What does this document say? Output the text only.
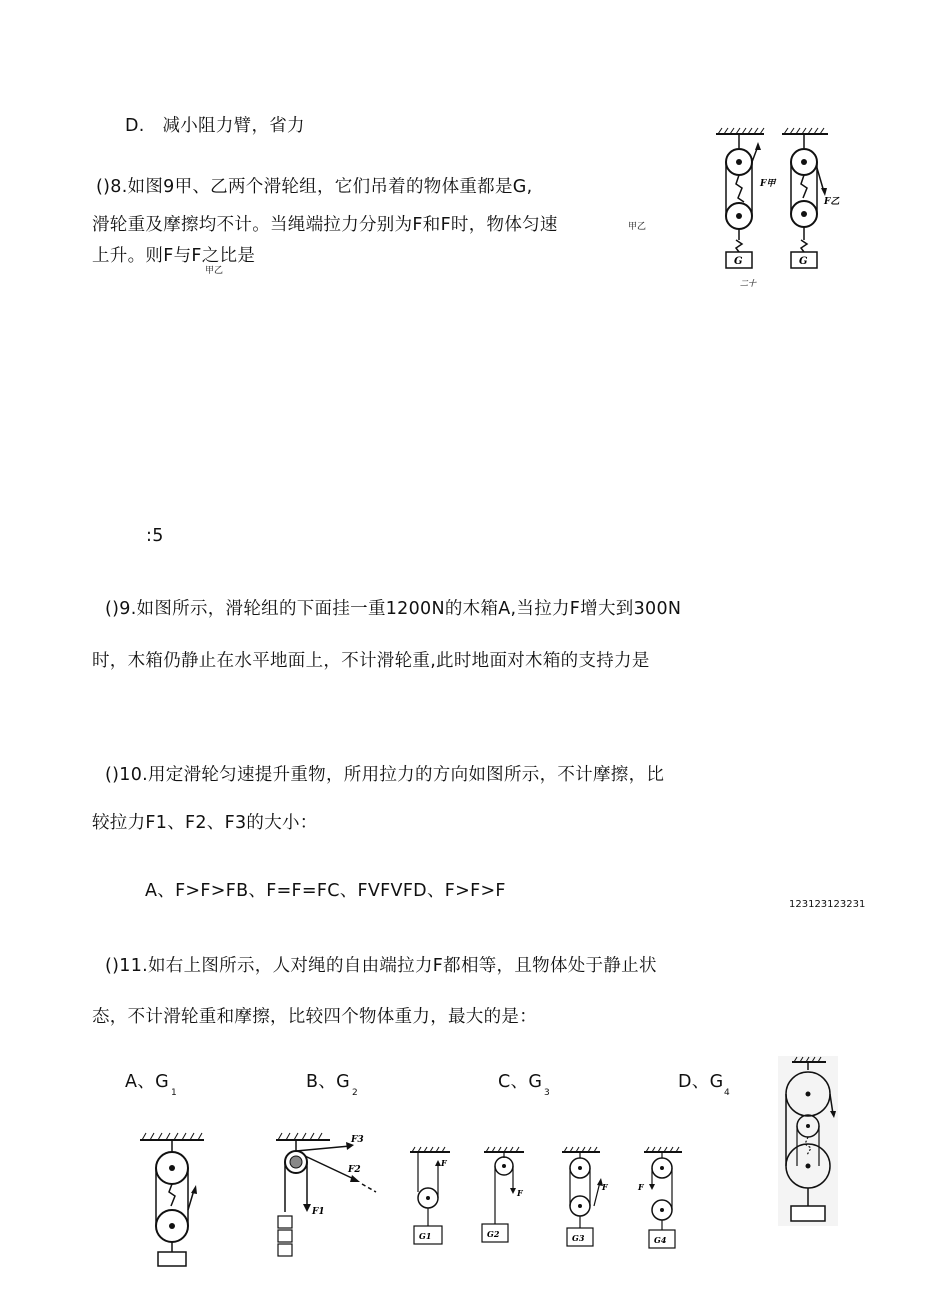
D.　减小阻力臂，省力
()8.如图9甲、乙两个滑轮组，它们吊着的物体重都是G,
滑轮重及摩擦均不计。当绳端拉力分别为F和F时，物体匀速	甲乙
上升。则F与F之比是
甲乙
F甲
G
F乙
G
二十
:5
()9.如图所示，滑轮组的下面挂一重1200N的木箱A,当拉力F增大到300N
时，木箱仍静止在水平地面上，不计滑轮重,此时地面对木箱的支持力是
()10.用定滑轮匀速提升重物，所用拉力的方向如图所示，不计摩擦，比
较拉力F1、F2、F3的大小：
A、F>F>FB、F=F=FC、FVFVFD、F>F>F
123123123231
()11.如右上图所示，人对绳的自由端拉力F都相等，且物体处于静止状
态，不计滑轮重和摩擦，比较四个物体重力，最大的是：
A、G
1
B、G
2
C、G
3
D、G
4
F3
F2
F1
F
G1
F
G2
F
G3
F
G4
